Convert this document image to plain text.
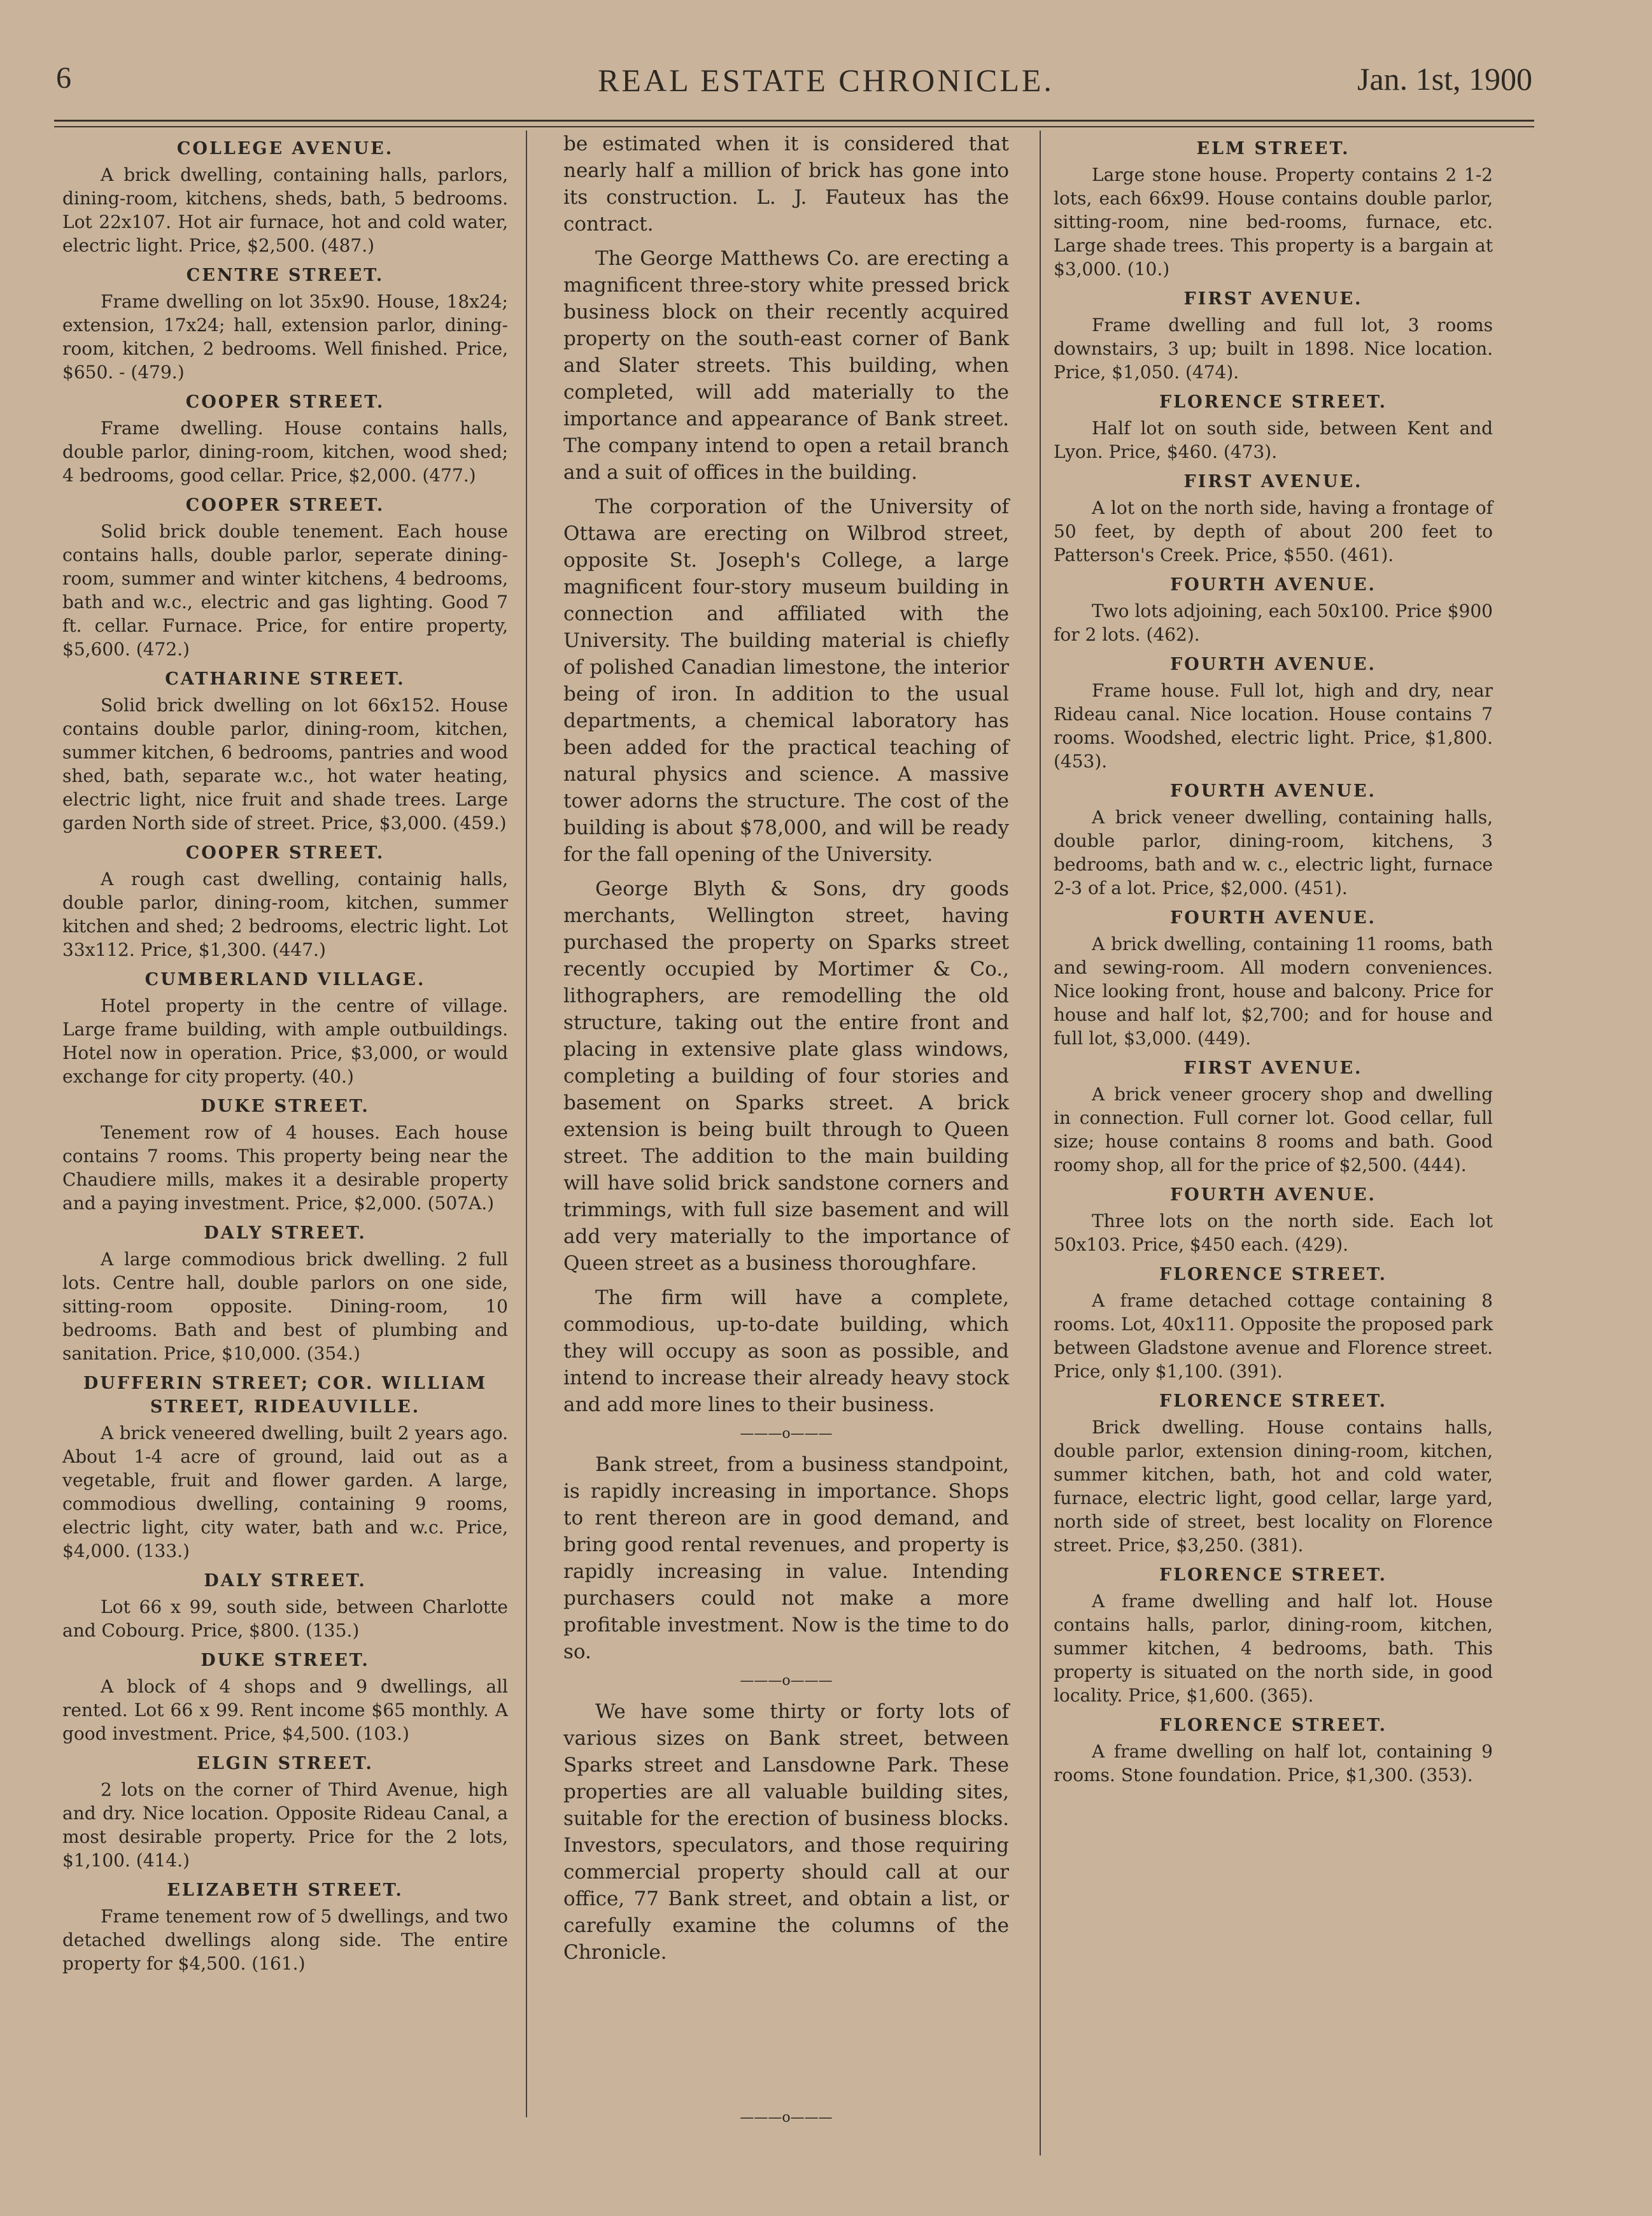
6	REAL ESTATE CHRONICLE.	Jan. 1st, 1900
COLLEGE AVENUE.

A brick dwelling, containing halls, parlors, dining-room, kitchens, sheds, bath, 5 bedrooms. Lot 22x107. Hot air furnace, hot and cold water, electric light. Price, $2,500. (487.)

CENTRE STREET.

Frame dwelling on lot 35x90. House, 18x24; extension, 17x24; hall, extension parlor, dining-room, kitchen, 2 bedrooms. Well finished. Price, $650. - (479.)

COOPER STREET.

Frame dwelling. House contains halls, double parlor, dining-room, kitchen, wood shed; 4 bedrooms, good cellar. Price, $2,000. (477.)

COOPER STREET.

Solid brick double tenement. Each house contains halls, double parlor, seperate dining-room, summer and winter kitchens, 4 bedrooms, bath and w.c., electric and gas lighting. Good 7 ft. cellar. Furnace. Price, for entire property, $5,600. (472.)

CATHARINE STREET.

Solid brick dwelling on lot 66x152. House contains double parlor, dining-room, kitchen, summer kitchen, 6 bedrooms, pantries and wood shed, bath, separate w.c., hot water heating, electric light, nice fruit and shade trees. Large garden North side of street. Price, $3,000. (459.)

COOPER STREET.

A rough cast dwelling, containig halls, double parlor, dining-room, kitchen, summer kitchen and shed; 2 bedrooms, electric light. Lot 33x112. Price, $1,300. (447.)

CUMBERLAND VILLAGE.

Hotel property in the centre of village. Large frame building, with ample outbuildings. Hotel now in operation. Price, $3,000, or would exchange for city property. (40.)

DUKE STREET.

Tenement row of 4 houses. Each house contains 7 rooms. This property being near the Chaudiere mills, makes it a desirable property and a paying investment. Price, $2,000. (507A.)

DALY STREET.

A large commodious brick dwelling. 2 full lots. Centre hall, double parlors on one side, sitting-room opposite. Dining-room, 10 bedrooms. Bath and best of plumbing and sanitation. Price, $10,000. (354.)

DUFFERIN STREET; COR. WILLIAM STREET, RIDEAUVILLE.

A brick veneered dwelling, built 2 years ago. About 1-4 acre of ground, laid out as a vegetable, fruit and flower garden. A large, commodious dwelling, containing 9 rooms, electric light, city water, bath and w.c. Price, $4,000. (133.)

DALY STREET.

Lot 66 x 99, south side, between Charlotte and Cobourg. Price, $800. (135.)

DUKE STREET.

A block of 4 shops and 9 dwellings, all rented. Lot 66 x 99. Rent income $65 monthly. A good investment. Price, $4,500. (103.)

ELGIN STREET.

2 lots on the corner of Third Avenue, high and dry. Nice location. Opposite Rideau Canal, a most desirable property. Price for the 2 lots, $1,100. (414.)

ELIZABETH STREET.

Frame tenement row of 5 dwellings, and two detached dwellings along side. The entire property for $4,500. (161.)

be estimated when it is considered that nearly half a million of brick has gone into its construction. L. J. Fauteux has the contract.

The George Matthews Co. are erecting a magnificent three-story white pressed brick business block on their recently acquired property on the south-east corner of Bank and Slater streets. This building, when completed, will add materially to the importance and appearance of Bank street. The company intend to open a retail branch and a suit of offices in the building.

The corporation of the University of Ottawa are erecting on Wilbrod street, opposite St. Joseph's College, a large magnificent four-story museum building in connection and affiliated with the University. The building material is chiefly of polished Canadian limestone, the interior being of iron. In addition to the usual departments, a chemical laboratory has been added for the practical teaching of natural physics and science. A massive tower adorns the structure. The cost of the building is about $78,000, and will be ready for the fall opening of the University.

George Blyth & Sons, dry goods merchants, Wellington street, having purchased the property on Sparks street recently occupied by Mortimer & Co., lithographers, are remodelling the old structure, taking out the entire front and placing in extensive plate glass windows, completing a building of four stories and basement on Sparks street. A brick extension is being built through to Queen street. The addition to the main building will have solid brick sandstone corners and trimmings, with full size basement and will add very materially to the importance of Queen street as a business thoroughfare.

The firm will have a complete, commodious, up-to-date building, which they will occupy as soon as possible, and intend to increase their already heavy stock and add more lines to their business.

———o———

Bank street, from a business standpoint, is rapidly increasing in importance. Shops to rent thereon are in good demand, and bring good rental revenues, and property is rapidly increasing in value. Intending purchasers could not make a more profitable investment. Now is the time to do so.

———o———

We have some thirty or forty lots of various sizes on Bank street, between Sparks street and Lansdowne Park. These properties are all valuable building sites, suitable for the erection of business blocks. Investors, speculators, and those requiring commercial property should call at our office, 77 Bank street, and obtain a list, or carefully examine the columns of the Chronicle.

———o———
ELM STREET.

Large stone house. Property contains 2 1-2 lots, each 66x99. House contains double parlor, sitting-room, nine bed-rooms, furnace, etc. Large shade trees. This property is a bargain at $3,000. (10.)

FIRST AVENUE.

Frame dwelling and full lot, 3 rooms downstairs, 3 up; built in 1898. Nice location. Price, $1,050. (474).

FLORENCE STREET.

Half lot on south side, between Kent and Lyon. Price, $460. (473).

FIRST AVENUE.

A lot on the north side, having a frontage of 50 feet, by depth of about 200 feet to Patterson's Creek. Price, $550. (461).

FOURTH AVENUE.

Two lots adjoining, each 50x100. Price $900 for 2 lots. (462).

FOURTH AVENUE.

Frame house. Full lot, high and dry, near Rideau canal. Nice location. House contains 7 rooms. Woodshed, electric light. Price, $1,800. (453).

FOURTH AVENUE.

A brick veneer dwelling, containing halls, double parlor, dining-room, kitchens, 3 bedrooms, bath and w. c., electric light, furnace 2-3 of a lot. Price, $2,000. (451).

FOURTH AVENUE.

A brick dwelling, containing 11 rooms, bath and sewing-room. All modern conveniences. Nice looking front, house and balcony. Price for house and half lot, $2,700; and for house and full lot, $3,000. (449).

FIRST AVENUE.

A brick veneer grocery shop and dwelling in connection. Full corner lot. Good cellar, full size; house contains 8 rooms and bath. Good roomy shop, all for the price of $2,500. (444).

FOURTH AVENUE.

Three lots on the north side. Each lot 50x103. Price, $450 each. (429).

FLORENCE STREET.

A frame detached cottage containing 8 rooms. Lot, 40x111. Opposite the proposed park between Gladstone avenue and Florence street. Price, only $1,100. (391).

FLORENCE STREET.

Brick dwelling. House contains halls, double parlor, extension dining-room, kitchen, summer kitchen, bath, hot and cold water, furnace, electric light, good cellar, large yard, north side of street, best locality on Florence street. Price, $3,250. (381).

FLORENCE STREET.

A frame dwelling and half lot. House contains halls, parlor, dining-room, kitchen, summer kitchen, 4 bedrooms, bath. This property is situated on the north side, in good locality. Price, $1,600. (365).

FLORENCE STREET.

A frame dwelling on half lot, containing 9 rooms. Stone foundation. Price, $1,300. (353).
